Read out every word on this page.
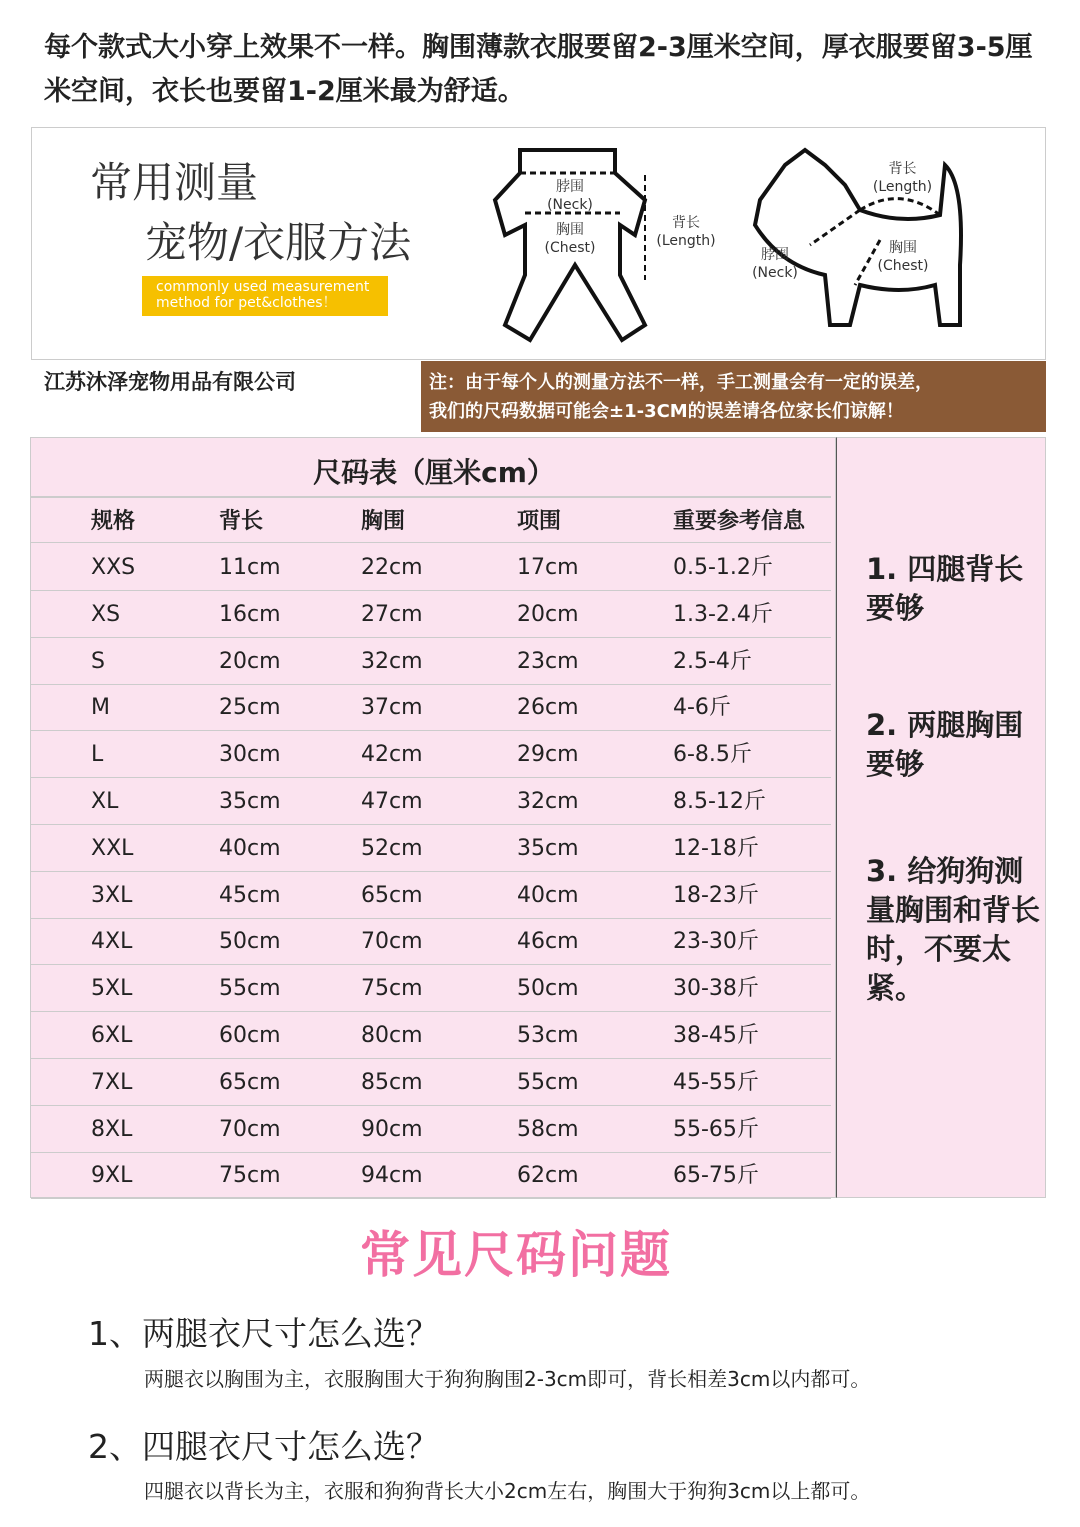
每个款式大小穿上效果不一样。胸围薄款衣服要留2-3厘米空间，厚衣服要留3-5厘米空间，衣长也要留1-2厘米最为舒适。
常用测量
宠物/衣服方法
commonly used measurement
method for pet&clothes！
脖围
(Neck)
胸围
(Chest)
背长
(Length)
背长
(Length)
脖围
(Neck)
胸围
(Chest)
江苏沐泽宠物用品有限公司	注：由于每个人的测量方法不一样，手工测量会有一定的误差，
我们的尺码数据可能会±1-3CM的误差请各位家长们谅解！
尺码表（厘米cm）
规格	背长	胸围	项围	重要参考信息
XXS	11cm	22cm	17cm	0.5-1.2斤
XS	16cm	27cm	20cm	1.3-2.4斤
S	20cm	32cm	23cm	2.5-4斤
M	25cm	37cm	26cm	4-6斤
L	30cm	42cm	29cm	6-8.5斤
XL	35cm	47cm	32cm	8.5-12斤
XXL	40cm	52cm	35cm	12-18斤
3XL	45cm	65cm	40cm	18-23斤
4XL	50cm	70cm	46cm	23-30斤
5XL	55cm	75cm	50cm	30-38斤
6XL	60cm	80cm	53cm	38-45斤
7XL	65cm	85cm	55cm	45-55斤
8XL	70cm	90cm	58cm	55-65斤
9XL	75cm	94cm	62cm	65-75斤
1. 四腿背长要够
2. 两腿胸围要够
3. 给狗狗测量胸围和背长时，不要太紧。
常见尺码问题
1、两腿衣尺寸怎么选？
两腿衣以胸围为主，衣服胸围大于狗狗胸围2-3cm即可，背长相差3cm以内都可。
2、四腿衣尺寸怎么选？
四腿衣以背长为主，衣服和狗狗背长大小2cm左右，胸围大于狗狗3cm以上都可。
